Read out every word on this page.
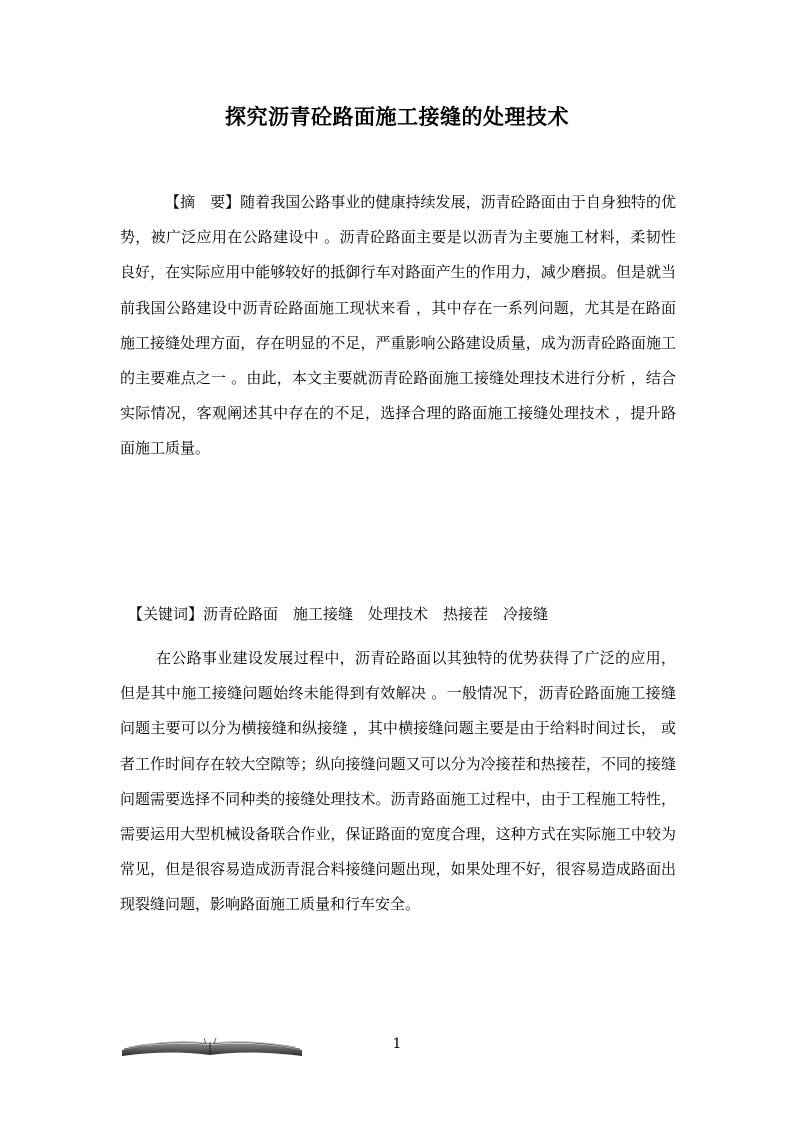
探究沥青砼路面施工接缝的处理技术

【摘　要】随着我国公路事业的健康持续发展，沥青砼路面由于自身独特的优势，被广泛应用在公路建设中 。沥青砼路面主要是以沥青为主要施工材料，柔韧性良好，在实际应用中能够较好的抵御行车对路面产生的作用力，减少磨损。但是就当前我国公路建设中沥青砼路面施工现状来看 ，其中存在一系列问题，尤其是在路面施工接缝处理方面，存在明显的不足，严重影响公路建设质量，成为沥青砼路面施工的主要难点之一 。由此，本文主要就沥青砼路面施工接缝处理技术进行分析 ，结合实际情况，客观阐述其中存在的不足，选择合理的路面施工接缝处理技术 ，提升路面施工质量。

【关键词】沥青砼路面　施工接缝　处理技术　热接茬　冷接缝

在公路事业建设发展过程中，沥青砼路面以其独特的优势获得了广泛的应用，但是其中施工接缝问题始终未能得到有效解决 。一般情况下，沥青砼路面施工接缝问题主要可以分为横接缝和纵接缝 ，其中横接缝问题主要是由于给料时间过长， 或者工作时间存在较大空隙等；纵向接缝问题又可以分为冷接茬和热接茬，不同的接缝问题需要选择不同种类的接缝处理技术。沥青路面施工过程中，由于工程施工特性，需要运用大型机械设备联合作业，保证路面的宽度合理，这种方式在实际施工中较为常见，但是很容易造成沥青混合料接缝问题出现，如果处理不好，很容易造成路面出现裂缝问题，影响路面施工质量和行车安全。

1
